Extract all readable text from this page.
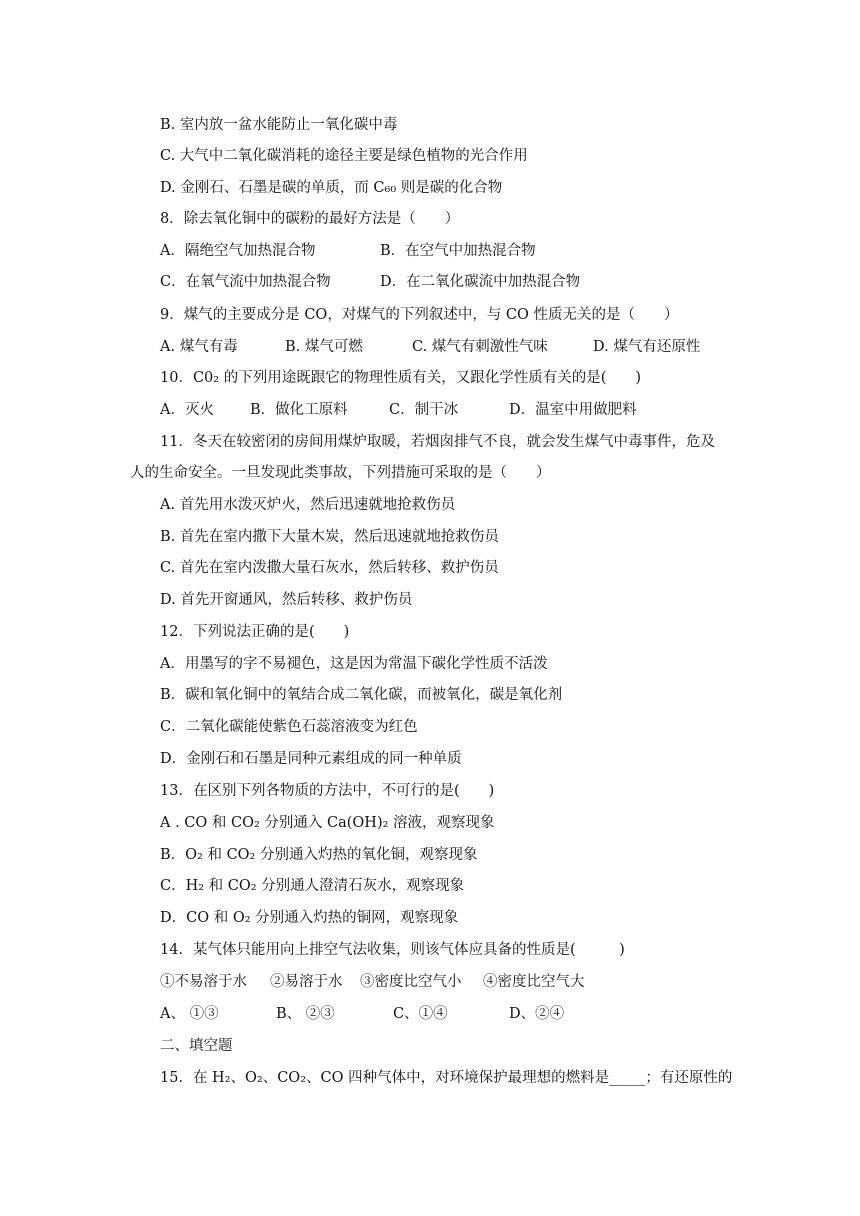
B. 室内放一盆水能防止一氧化碳中毒
C. 大气中二氧化碳消耗的途径主要是绿色植物的光合作用
D. 金刚石、石墨是碳的单质，而 C₆₀ 则是碳的化合物
8．除去氧化铜中的碳粉的最好方法是（　　）
A．隔绝空气加热混合物	B．在空气中加热混合物
C．在氧气流中加热混合物	D．在二氧化碳流中加热混合物
9．煤气的主要成分是 CO，对煤气的下列叙述中，与 CO 性质无关的是（　　）
A. 煤气有毒	B. 煤气可燃	C. 煤气有刺激性气味	D. 煤气有还原性
10．C0₂ 的下列用途既跟它的物理性质有关，又跟化学性质有关的是(　　)
A．灭火 B．做化工原料	C．制干冰	D．温室中用做肥料
11．冬天在较密闭的房间用煤炉取暖，若烟囱排气不良，就会发生煤气中毒事件，危及
人的生命安全。一旦发现此类事故，下列措施可采取的是（　　）
A. 首先用水泼灭炉火，然后迅速就地抢救伤员
B. 首先在室内撒下大量木炭，然后迅速就地抢救伤员
C. 首先在室内泼撒大量石灰水，然后转移、救护伤员
D. 首先开窗通风，然后转移、救护伤员
12．下列说法正确的是(　　)
A．用墨写的字不易褪色，这是因为常温下碳化学性质不活泼
B．碳和氧化铜中的氧结合成二氧化碳，而被氧化，碳是氧化剂
C．二氧化碳能使紫色石蕊溶液变为红色
D．金刚石和石墨是同种元素组成的同一种单质
13．在区别下列各物质的方法中，不可行的是(　　)
A . CO 和 CO₂ 分别通入 Ca(OH)₂ 溶液，观察现象
B．O₂ 和 CO₂ 分别通入灼热的氧化铜，观察现象
C．H₂ 和 CO₂ 分别通人澄清石灰水，观察现象
D．CO 和 O₂ 分别通入灼热的铜网，观察现象
14．某气体只能用向上排空气法收集，则该气体应具备的性质是(　　　)
①不易溶于水 ②易溶于水 ③密度比空气小 ④密度比空气大
A、 ①③	B、 ②③	C、①④	D、②④
二、填空题
15．在 H₂、O₂、CO₂、CO 四种气体中，对环境保护最理想的燃料是_____；有还原性的
